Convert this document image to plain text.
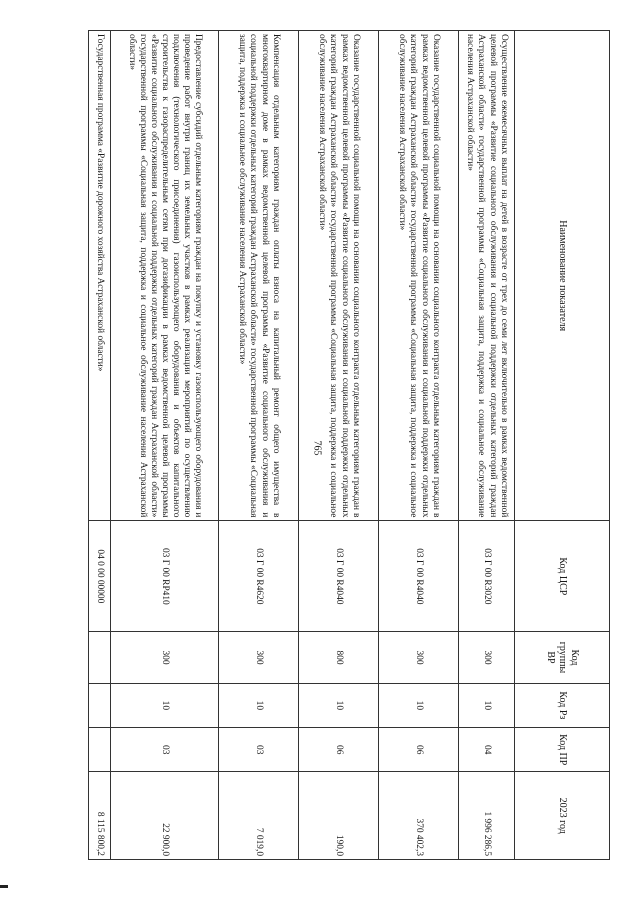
765
Наименование показателя	Код ЦСР	Код группы ВР	Код Рз	Код ПР	2023 год
Осуществление ежемесячных выплат на детей в возрасте от трех до семи лет включительно в рамках ведомственной целевой программы «Развитие социального обслуживания и социальной поддержки отдельных категорий граждан Астраханской области» государственной программы «Социальная защита, поддержка и социальное обслуживание населения Астраханской области»	03 Г 00 R3020	300	10	04	1 996 286,5
Оказание государственной социальной помощи на основании социального контракта отдельным категориям граждан в рамках ведомственной целевой программы «Развитие социального обслуживания и социальной поддержки отдельных категорий граждан Астраханской области» государственной программы «Социальная защита, поддержка и социальное обслуживание населения Астраханской области»	03 Г 00 R4040	300	10	06	370 402,3
Оказание государственной социальной помощи на основании социального контракта отдельным категориям граждан в рамках ведомственной целевой программы «Развитие социального обслуживания и социальной поддержки отдельных категорий граждан Астраханской области» государственной программы «Социальная защита, поддержка и социальное обслуживание населения Астраханской области»	03 Г 00 R4040	800	10	06	190,0
Компенсация отдельным категориям граждан оплаты взноса на капитальный ремонт общего имущества в многоквартирном доме в рамках ведомственной целевой программы «Развитие социального обслуживания и социальной поддержки отдельных категорий граждан Астраханской области» государственной программы «Социальная защита, поддержка и социальное обслуживание населения Астраханской области»	03 Г 00 R4620	300	10	03	7 019,0
Предоставление субсидий отдельным категориям граждан на покупку и установку газоиспользующего оборудования и проведение работ внутри границ их земельных участков в рамках реализации мероприятий по осуществлению подключения (технологического присоединения) газоиспользующего оборудования и объектов капитального строительства к газораспределительным сетям при догазификации в рамках ведомственной целевой программы «Развитие социального обслуживания и социальной поддержки отдельных категорий граждан Астраханской области» государственной программы «Социальная защита, поддержка и социальное обслуживание населения Астраханской области»	03 Г 00 RP410	300	10	03	22 900,0
Государственная программа «Развитие дорожного хозяйства Астраханской области»	04 0 00 00000				8 115 800,2
